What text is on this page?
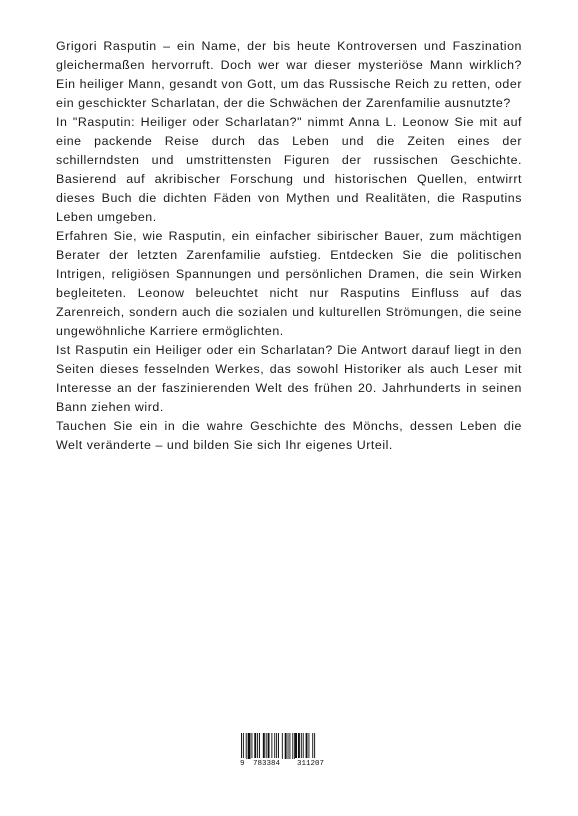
Grigori Rasputin – ein Name, der bis heute Kontroversen und Faszination gleichermaßen hervorruft. Doch wer war dieser mysteriöse Mann wirklich? Ein heiliger Mann, gesandt von Gott, um das Russische Reich zu retten, oder ein geschickter Scharlatan, der die Schwächen der Zarenfamilie ausnutzte?

In "Rasputin: Heiliger oder Scharlatan?" nimmt Anna L. Leonow Sie mit auf eine packende Reise durch das Leben und die Zeiten eines der schillerndsten und umstrittensten Figuren der russischen Geschichte. Basierend auf akribischer Forschung und historischen Quellen, entwirrt dieses Buch die dichten Fäden von Mythen und Realitäten, die Rasputins Leben umgeben.

Erfahren Sie, wie Rasputin, ein einfacher sibirischer Bauer, zum mächtigen Berater der letzten Zarenfamilie aufstieg. Entdecken Sie die politischen Intrigen, religiösen Spannungen und persönlichen Dramen, die sein Wirken begleiteten. Leonow beleuchtet nicht nur Rasputins Einfluss auf das Zarenreich, sondern auch die sozialen und kulturellen Strömungen, die seine ungewöhnliche Karriere ermöglichten.

Ist Rasputin ein Heiliger oder ein Scharlatan? Die Antwort darauf liegt in den Seiten dieses fesselnden Werkes, das sowohl Historiker als auch Leser mit Interesse an der faszinierenden Welt des frühen 20. Jahrhunderts in seinen Bann ziehen wird.

Tauchen Sie ein in die wahre Geschichte des Mönchs, dessen Leben die Welt veränderte – und bilden Sie sich Ihr eigenes Urteil.

9 783384 311207
